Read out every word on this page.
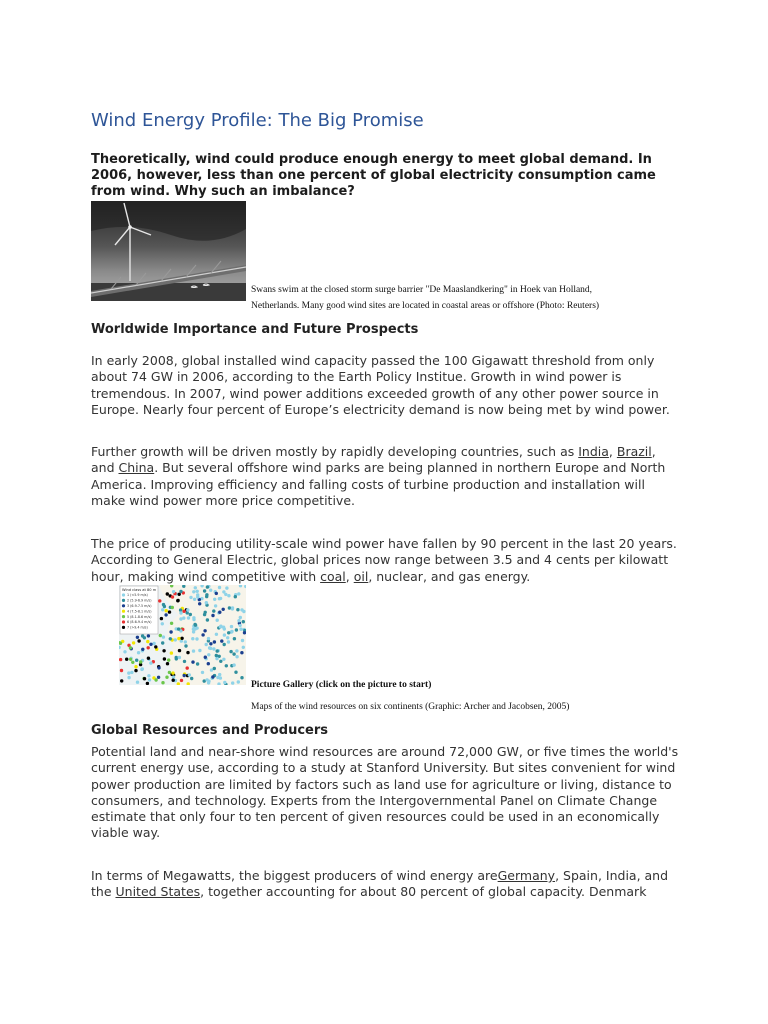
Wind Energy Profile: The Big Promise

Theoretically, wind could produce enough energy to meet global demand. In 2006, however, less than one percent of global electricity consumption came from wind. Why such an imbalance?

Swans swim at the closed storm surge barrier "De Maaslandkering" in Hoek van Holland,
Netherlands. Many good wind sites are located in coastal areas or offshore (Photo: Reuters)

Worldwide Importance and Future Prospects

In early 2008, global installed wind capacity passed the 100 Gigawatt threshold from only about 74 GW in 2006, according to the Earth Policy Institue. Growth in wind power is tremendous. In 2007, wind power additions exceeded growth of any other power source in Europe. Nearly four percent of Europe’s electricity demand is now being met by wind power.

Further growth will be driven mostly by rapidly developing countries, such as India, Brazil, and China. But several offshore wind parks are being planned in northern Europe and North America. Improving efficiency and falling costs of turbine production and installation will make wind power more price competitive.

The price of producing utility-scale wind power have fallen by 90 percent in the last 20 years. According to General Electric, global prices now range between 3.5 and 4 cents per kilowatt hour, making wind competitive with coal, oil, nuclear, and gas energy.

Wind class at 80 m
1 (<5.9 m/s)
2 (5.9-6.9 m/s)
3 (6.9-7.5 m/s)
4 (7.5-8.1 m/s)
5 (8.1-8.6 m/s)
6 (8.6-9.4 m/s)
7 (>9.4 m/s)
Picture Gallery (click on the picture to start)

Maps of the wind resources on six continents (Graphic: Archer and Jacobsen, 2005)

Global Resources and Producers

Potential land and near-shore wind resources are around 72,000 GW, or five times the world's current energy use, according to a study at Stanford University. But sites convenient for wind power production are limited by factors such as land use for agriculture or living, distance to consumers, and technology. Experts from the Intergovernmental Panel on Climate Change estimate that only four to ten percent of given resources could be used in an economically viable way.

In terms of Megawatts, the biggest producers of wind energy areGermany, Spain, India, and the United States, together accounting for about 80 percent of global capacity. Denmark
